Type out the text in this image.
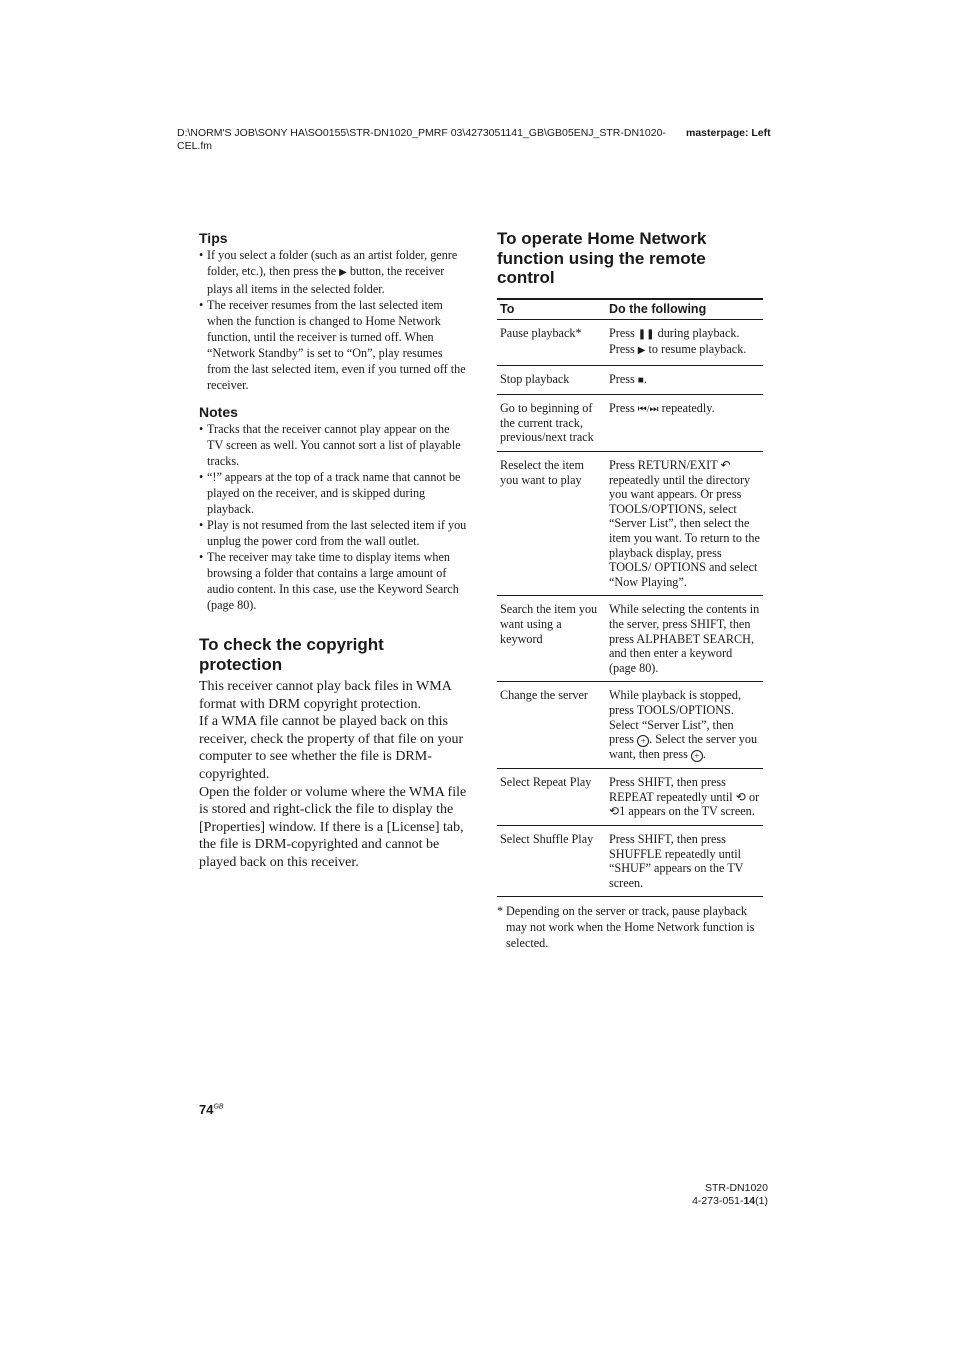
D:\NORM'S JOB\SONY HA\SO0155\STR-DN1020_PMRF 03\4273051141_GB\GB05ENJ_STR-DN1020-CEL.fm
masterpage: Left
Tips
• If you select a folder (such as an artist folder, genre folder, etc.), then press the ▶ button, the receiver plays all items in the selected folder.
• The receiver resumes from the last selected item when the function is changed to Home Network function, until the receiver is turned off. When “Network Standby” is set to “On”, play resumes from the last selected item, even if you turned off the receiver.
Notes
• Tracks that the receiver cannot play appear on the TV screen as well. You cannot sort a list of playable tracks.
• “!” appears at the top of a track name that cannot be played on the receiver, and is skipped during playback.
• Play is not resumed from the last selected item if you unplug the power cord from the wall outlet.
• The receiver may take time to display items when browsing a folder that contains a large amount of audio content. In this case, use the Keyword Search (page 80).
To check the copyright protection

This receiver cannot play back files in WMA format with DRM copyright protection.

If a WMA file cannot be played back on this receiver, check the property of that file on your computer to see whether the file is DRM-copyrighted.

Open the folder or volume where the WMA file is stored and right-click the file to display the [Properties] window. If there is a [License] tab, the file is DRM-copyrighted and cannot be played back on this receiver.

To operate Home Network function using the remote control
To	Do the following
Pause playback*	Press ❚❚ during playback. Press ▶ to resume playback.
Stop playback	Press ■.
Go to beginning of the current track, previous/next track	Press ⏮/⏭ repeatedly.
Reselect the item you want to play	Press RETURN/EXIT ↶ repeatedly until the directory you want appears. Or press TOOLS/OPTIONS, select “Server List”, then select the item you want. To return to the playback display, press TOOLS/ OPTIONS and select “Now Playing”.
Search the item you want using a keyword	While selecting the contents in the server, press SHIFT, then press ALPHABET SEARCH, and then enter a keyword (page 80).
Change the server	While playback is stopped, press TOOLS/OPTIONS. Select “Server List”, then press + . Select the server you want, then press + .
Select Repeat Play	Press SHIFT, then press REPEAT repeatedly until ⟲ or ⟲1 appears on the TV screen.
Select Shuffle Play	Press SHIFT, then press SHUFFLE repeatedly until “SHUF” appears on the TV screen.
* Depending on the server or track, pause playback may not work when the Home Network function is selected.
$74^{GB}$
STR-DN1020
4-273-051-14(1)
